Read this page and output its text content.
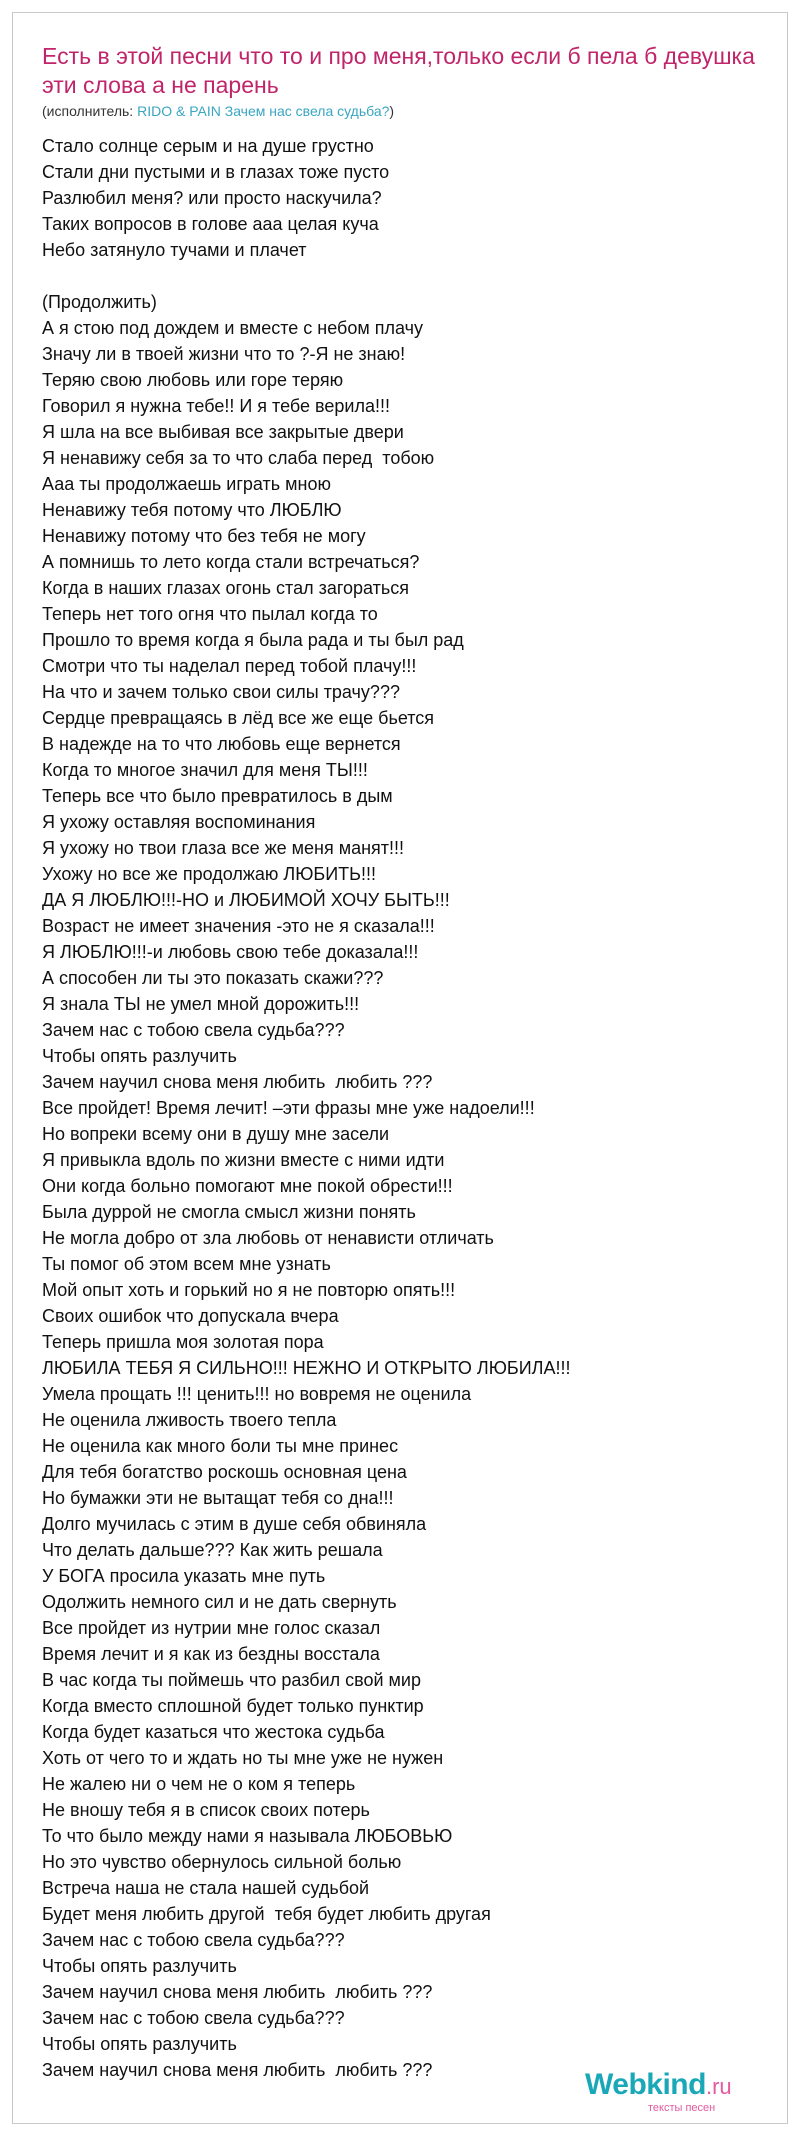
Есть в этой песни что то и про меня,только если б пела б девушка эти слова а не парень
(исполнитель: RIDO & PAIN Зачем нас свела судьба?)
Стало солнце серым и на душе грустно
Стали дни пустыми и в глазах тоже пусто
Разлюбил меня? или просто наскучила?
Таких вопросов в голове ааа целая куча
Небо затянуло тучами и плачет
(Продолжить)
А я стою под дождем и вместе с небом плачу
Значу ли в твоей жизни что то ?-Я не знаю!
Теряю свою любовь или горе теряю
Говорил я нужна тебе!! И я тебе верила!!!
Я шла на все выбивая все закрытые двери
Я ненавижу себя за то что слаба перед  тобою
Ааа ты продолжаешь играть мною
Ненавижу тебя потому что ЛЮБЛЮ
Ненавижу потому что без тебя не могу
А помнишь то лето когда стали встречаться?
Когда в наших глазах огонь стал загораться
Теперь нет того огня что пылал когда то
Прошло то время когда я была рада и ты был рад
Смотри что ты наделал перед тобой плачу!!!
На что и зачем только свои силы трачу???
Сердце превращаясь в лёд все же еще бьется
В надежде на то что любовь еще вернется
Когда то многое значил для меня ТЫ!!!
Теперь все что было превратилось в дым
Я ухожу оставляя воспоминания
Я ухожу но твои глаза все же меня манят!!!
Ухожу но все же продолжаю ЛЮБИТЬ!!!
ДА Я ЛЮБЛЮ!!!-НО и ЛЮБИМОЙ ХОЧУ БЫТЬ!!!
Возраст не имеет значения -это не я сказала!!!
Я ЛЮБЛЮ!!!-и любовь свою тебе доказала!!!
А способен ли ты это показать скажи???
Я знала ТЫ не умел мной дорожить!!!
Зачем нас с тобою свела судьба???
Чтобы опять разлучить
Зачем научил снова меня любить  любить ???
Все пройдет! Время лечит! –эти фразы мне уже надоели!!!
Но вопреки всему они в душу мне засели
Я привыкла вдоль по жизни вместе с ними идти
Они когда больно помогают мне покой обрести!!!
Была дуррой не смогла смысл жизни понять
Не могла добро от зла любовь от ненависти отличать
Ты помог об этом всем мне узнать
Мой опыт хоть и горький но я не повторю опять!!!
Своих ошибок что допускала вчера
Теперь пришла моя золотая пора
ЛЮБИЛА ТЕБЯ Я СИЛЬНО!!! НЕЖНО И ОТКРЫТО ЛЮБИЛА!!!
Умела прощать !!! ценить!!! но вовремя не оценила
Не оценила лживость твоего тепла
Не оценила как много боли ты мне принес
Для тебя богатство роскошь основная цена
Но бумажки эти не вытащат тебя со дна!!!
Долго мучилась с этим в душе себя обвиняла
Что делать дальше??? Как жить решала
У БОГА просила указать мне путь
Одолжить немного сил и не дать свернуть
Все пройдет из нутрии мне голос сказал
Время лечит и я как из бездны восстала
В час когда ты поймешь что разбил свой мир
Когда вместо сплошной будет только пунктир
Когда будет казаться что жестока судьба
Хоть от чего то и ждать но ты мне уже не нужен
Не жалею ни о чем не о ком я теперь
Не вношу тебя я в список своих потерь
То что было между нами я называла ЛЮБОВЬЮ
Но это чувство обернулось сильной болью
Встреча наша не стала нашей судьбой
Будет меня любить другой  тебя будет любить другая
Зачем нас с тобою свела судьба???
Чтобы опять разлучить
Зачем научил снова меня любить  любить ???
Зачем нас с тобою свела судьба???
Чтобы опять разлучить
Зачем научил снова меня любить  любить ???	Webkind.ru
тексты песен
